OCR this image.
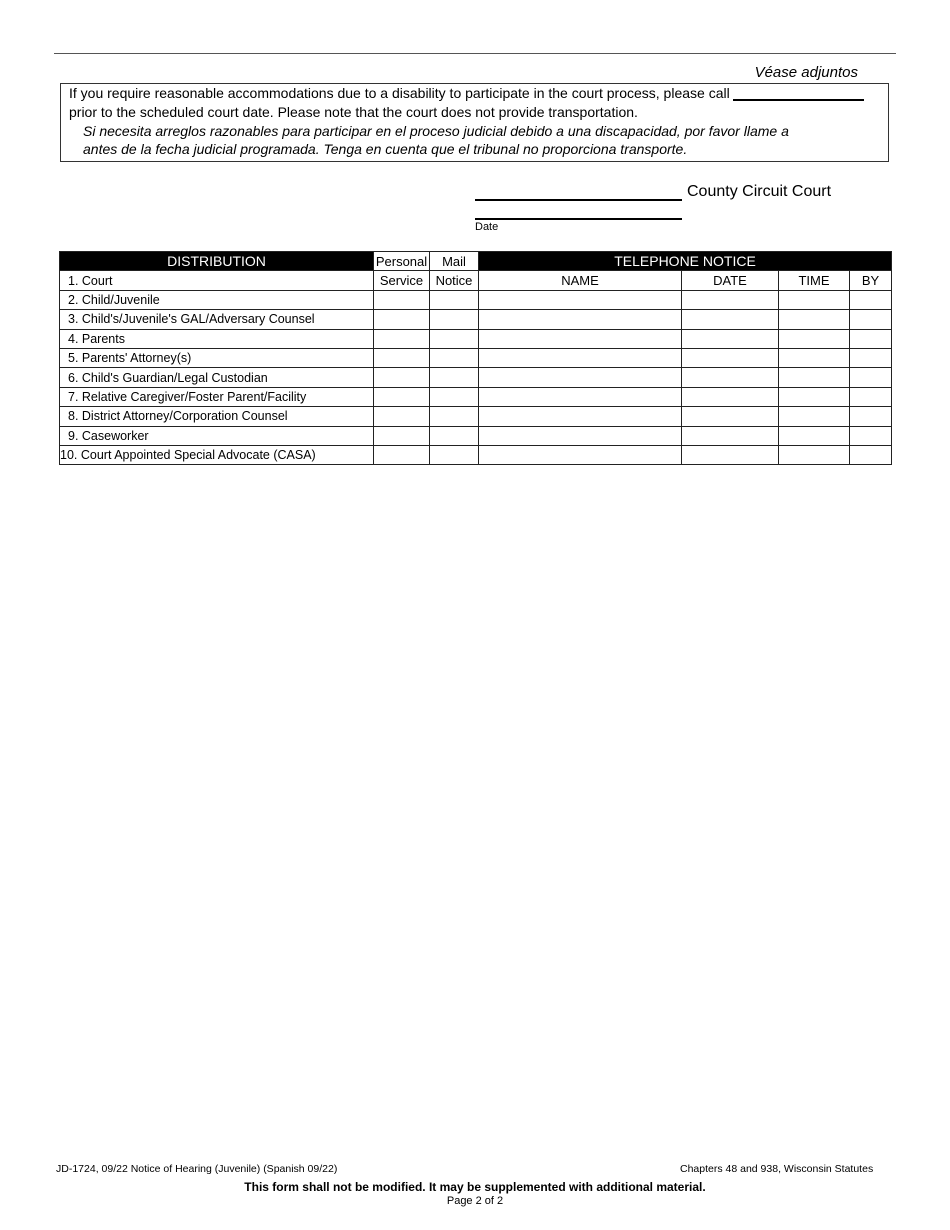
Véase adjuntos
If you require reasonable accommodations due to a disability to participate in the court process, please call
prior to the scheduled court date. Please note that the court does not provide transportation.
Si necesita arreglos razonables para participar en el proceso judicial debido a una discapacidad, por favor llame a
antes de la fecha judicial programada. Tenga en cuenta que el tribunal no proporciona transporte.
County Circuit Court
Date
DISTRIBUTION	Personal	Mail	TELEPHONE NOTICE			
1. Court	Service	Notice	NAME	DATE	TIME	BY
2. Child/Juvenile						
3. Child's/Juvenile's GAL/Adversary Counsel						
4. Parents						
5. Parents' Attorney(s)						
6. Child's Guardian/Legal Custodian						
7. Relative Caregiver/Foster Parent/Facility						
8. District Attorney/Corporation Counsel						
9. Caseworker						
10. Court Appointed Special Advocate (CASA)						
JD-1724, 09/22 Notice of Hearing (Juvenile) (Spanish 09/22)	Chapters 48 and 938, Wisconsin Statutes
This form shall not be modified. It may be supplemented with additional material.
Page 2 of 2
